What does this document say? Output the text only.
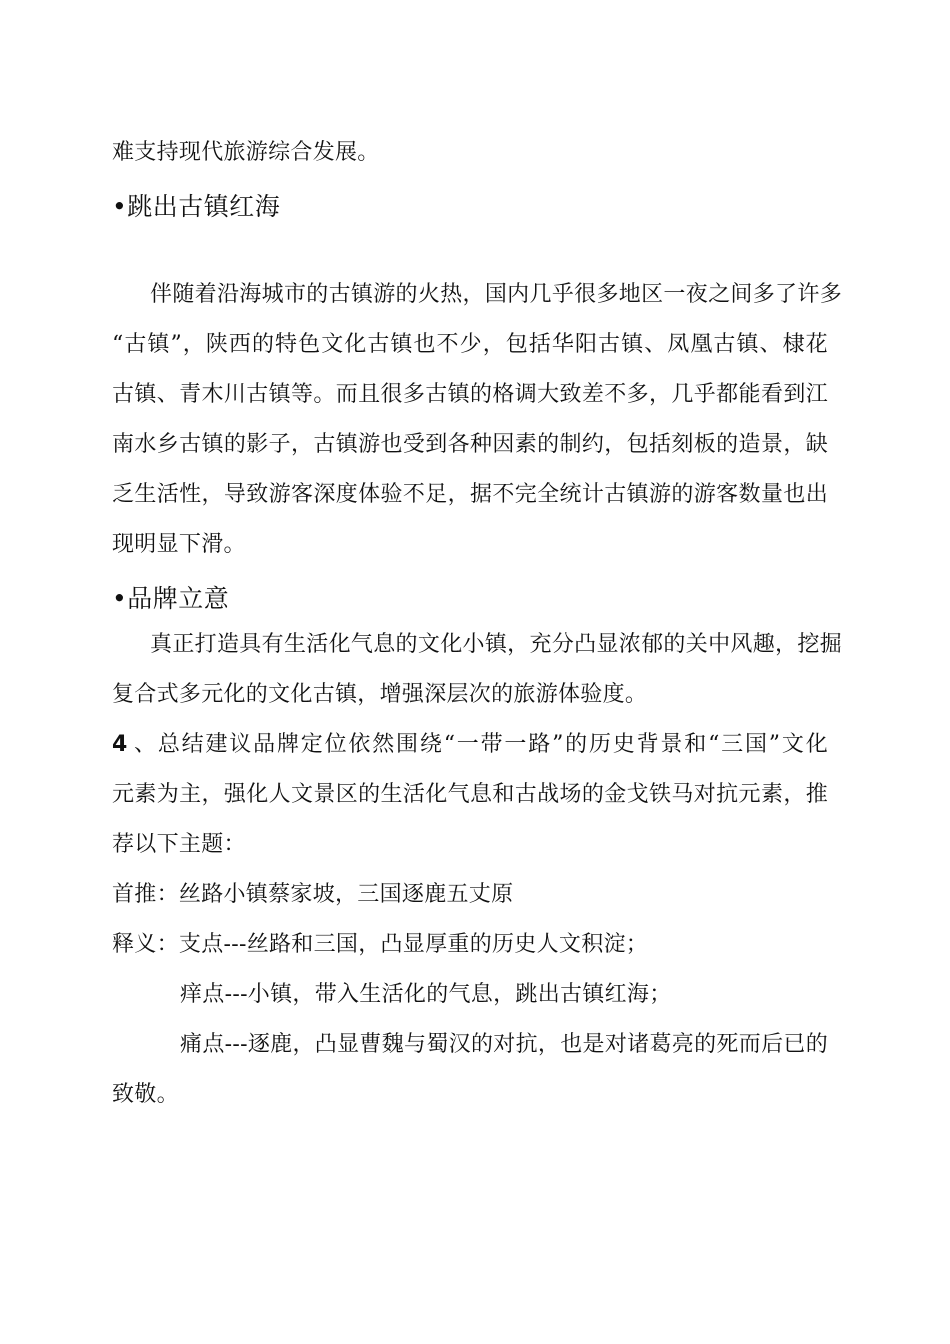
难支持现代旅游综合发展。
•跳出古镇红海
伴随着沿海城市的古镇游的火热，国内几乎很多地区一夜之间多了许多
“古镇”，陕西的特色文化古镇也不少，包括华阳古镇、凤凰古镇、棣花
古镇、青木川古镇等。而且很多古镇的格调大致差不多，几乎都能看到江
南水乡古镇的影子，古镇游也受到各种因素的制约，包括刻板的造景，缺
乏生活性，导致游客深度体验不足，据不完全统计古镇游的游客数量也出
现明显下滑。
•品牌立意
真正打造具有生活化气息的文化小镇，充分凸显浓郁的关中风趣，挖掘
复合式多元化的文化古镇，增强深层次的旅游体验度。
4 、总结建议品牌定位依然围绕“一带一路”的历史背景和“三国”文化
元素为主，强化人文景区的生活化气息和古战场的金戈铁马对抗元素，推
荐以下主题：
首推：丝路小镇蔡家坡，三国逐鹿五丈原
释义：支点---丝路和三国，凸显厚重的历史人文积淀；
痒点---小镇，带入生活化的气息，跳出古镇红海；
痛点---逐鹿，凸显曹魏与蜀汉的对抗，也是对诸葛亮的死而后已的
致敬。
